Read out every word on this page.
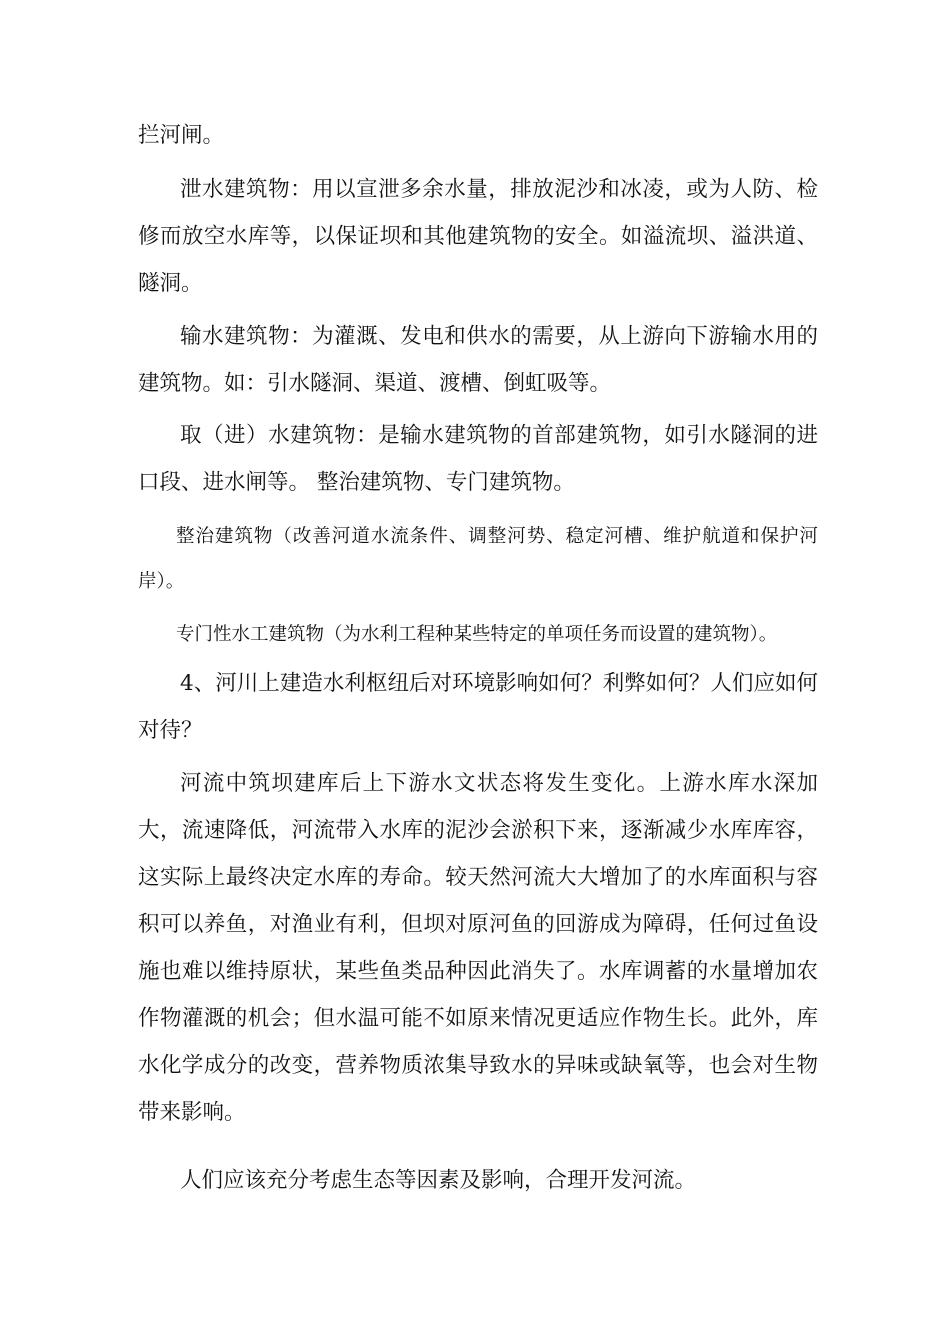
拦河闸。

泄水建筑物：用以宣泄多余水量，排放泥沙和冰凌，或为人防、检修而放空水库等，以保证坝和其他建筑物的安全。如溢流坝、溢洪道、隧洞。

输水建筑物：为灌溉、发电和供水的需要，从上游向下游输水用的建筑物。如：引水隧洞、渠道、渡槽、倒虹吸等。

取（进）水建筑物：是输水建筑物的首部建筑物，如引水隧洞的进口段、进水闸等。 整治建筑物、专门建筑物。

整治建筑物（改善河道水流条件、调整河势、稳定河槽、维护航道和保护河岸）。

专门性水工建筑物（为水利工程种某些特定的单项任务而设置的建筑物）。

4、河川上建造水利枢纽后对环境影响如何？利弊如何？人们应如何对待？

河流中筑坝建库后上下游水文状态将发生变化。上游水库水深加大，流速降低，河流带入水库的泥沙会淤积下来，逐渐减少水库库容，这实际上最终决定水库的寿命。较天然河流大大增加了的水库面积与容积可以养鱼，对渔业有利，但坝对原河鱼的回游成为障碍，任何过鱼设施也难以维持原状，某些鱼类品种因此消失了。水库调蓄的水量增加农作物灌溉的机会；但水温可能不如原来情况更适应作物生长。此外，库水化学成分的改变，营养物质浓集导致水的异味或缺氧等，也会对生物带来影响。

人们应该充分考虑生态等因素及影响，合理开发河流。
